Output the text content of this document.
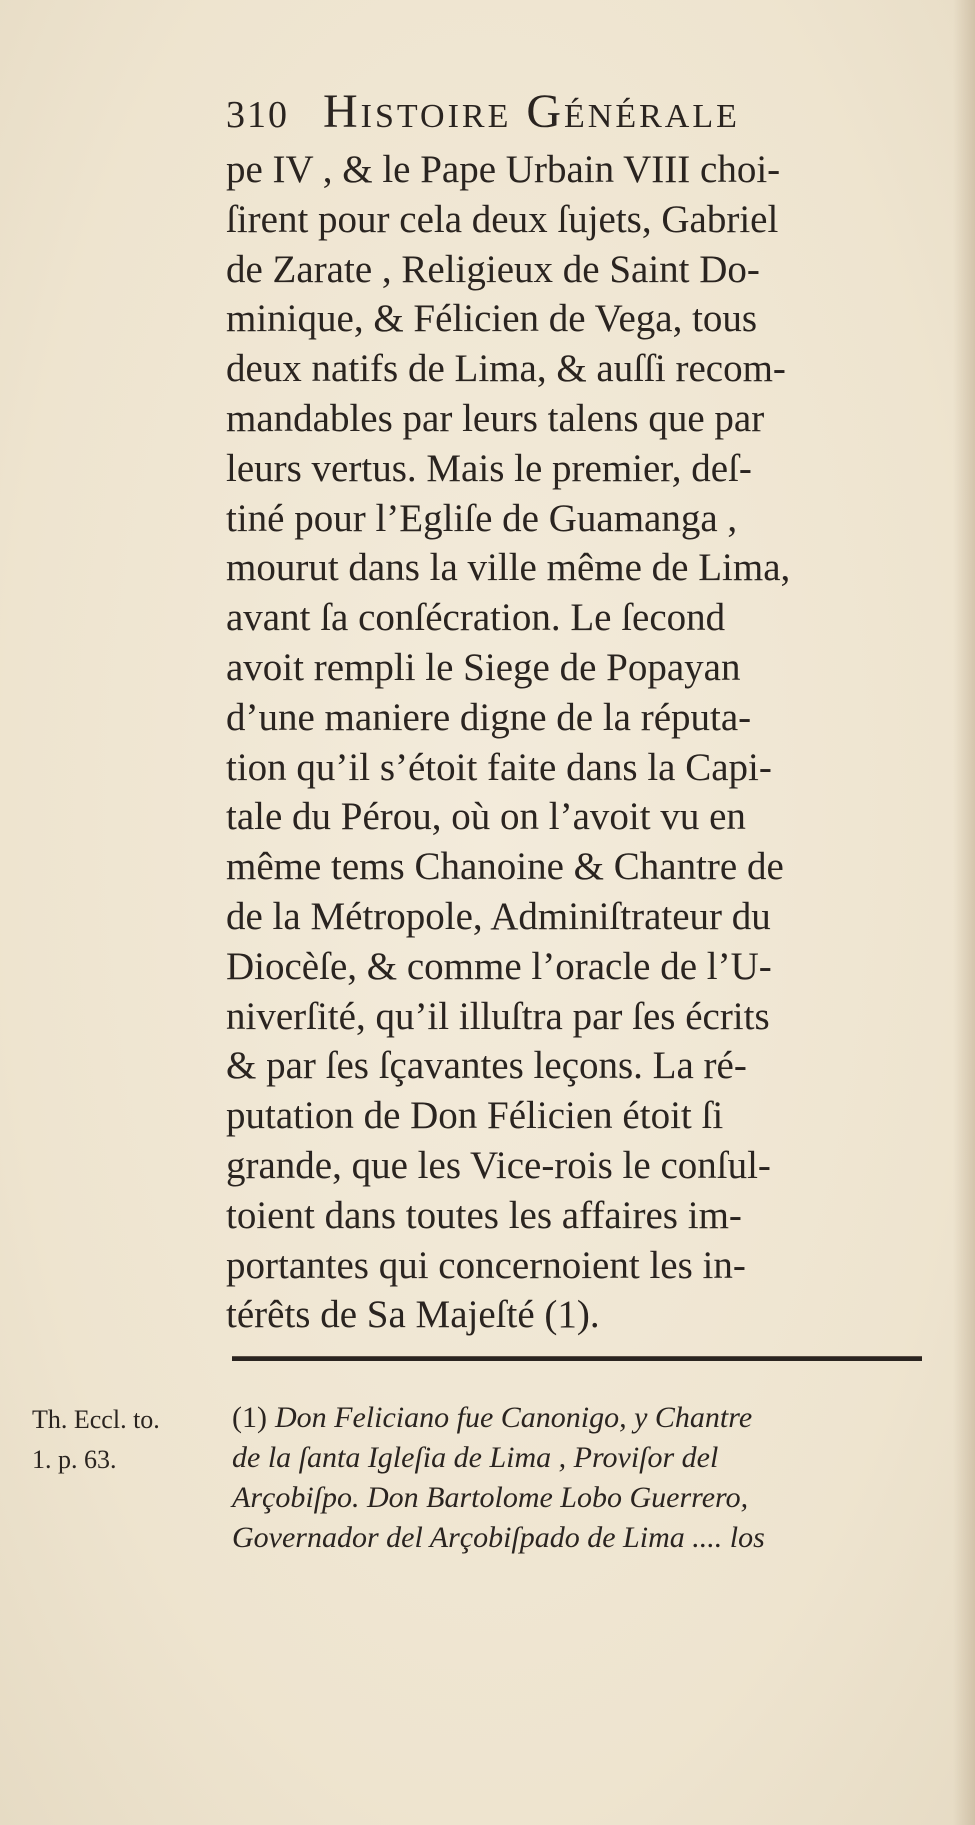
310 Histoire Générale
pe IV , & le Pape Urbain VIII choi-
ſirent pour cela deux ſujets, Gabriel
de Zarate , Religieux de Saint Do-
minique, & Félicien de Vega, tous
deux natifs de Lima, & auſſi recom-
mandables par leurs talens que par
leurs vertus. Mais le premier, deſ-
tiné pour l’Egliſe de Guamanga ,
mourut dans la ville même de Lima,
avant ſa conſécration. Le ſecond
avoit rempli le Siege de Popayan
d’une maniere digne de la réputa-
tion qu’il s’étoit faite dans la Capi-
tale du Pérou, où on l’avoit vu en
même tems Chanoine & Chantre de
de la Métropole, Adminiſtrateur du
Diocèſe, & comme l’oracle de l’U-
niverſité, qu’il illuſtra par ſes écrits
& par ſes ſçavantes leçons. La ré-
putation de Don Félicien étoit ſi
grande, que les Vice-rois le conſul-
toient dans toutes les affaires im-
portantes qui concernoient les in-
térêts de Sa Majeſté (1).
Th. Eccl. to.
1. p. 63.
(1) Don Feliciano fue Canonigo, y Chantre
de la ſanta Igleſia de Lima , Proviſor del
Arçobiſpo. Don Bartolome Lobo Guerrero,
Governador del Arçobiſpado de Lima .... los
